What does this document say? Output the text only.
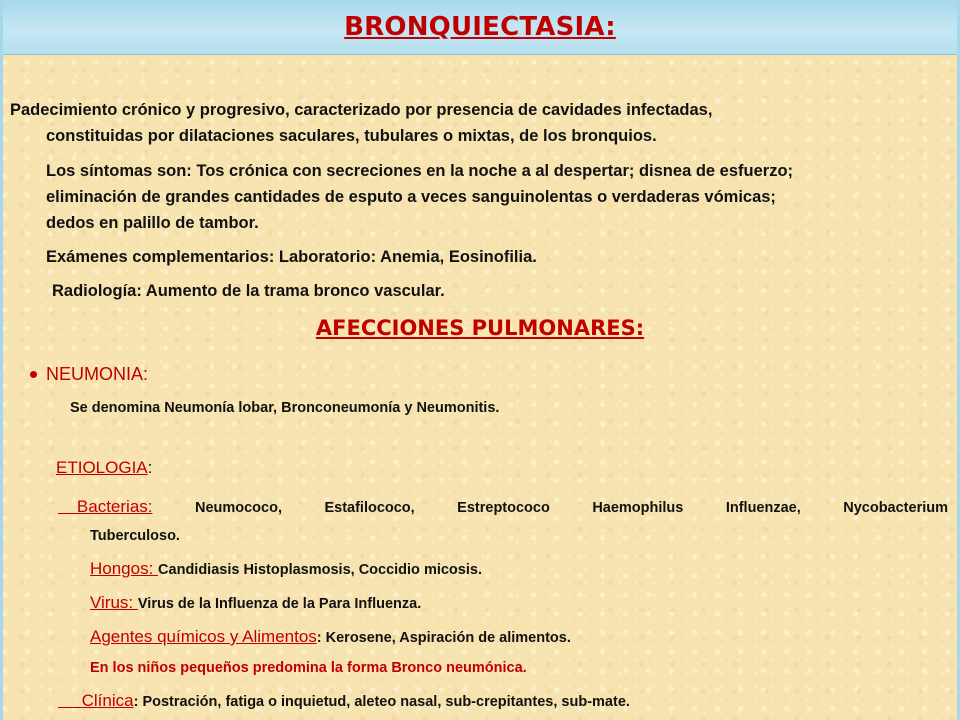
BRONQUIECTASIA:
Padecimiento crónico y progresivo, caracterizado por presencia de cavidades infectadas,
constituidas por dilataciones saculares, tubulares o mixtas, de los bronquios.
Los síntomas son: Tos crónica con secreciones en la noche a al despertar; disnea de esfuerzo;
eliminación de grandes cantidades de esputo a veces sanguinolentas o verdaderas vómicas;
dedos en palillo de tambor.
Exámenes complementarios: Laboratorio: Anemia, Eosinofilia.
Radiología: Aumento de la trama bronco vascular.
AFECCIONES PULMONARES:
NEUMONIA:
Se denomina Neumonía lobar, Bronconeumonía y Neumonitis.
ETIOLOGIA:
Bacterias:	Neumococo,	Estafilococo,	Estreptococo	Haemophilus	Influenzae,	Nycobacterium
Tuberculoso.
Hongos: Candidiasis Histoplasmosis, Coccidio micosis.
Virus: Virus de la Influenza de la Para Influenza.
Agentes químicos y Alimentos: Kerosene, Aspiración de alimentos.
En los niños pequeños predomina la forma Bronco neumónica.
Clínica: Postración, fatiga o inquietud, aleteo nasal, sub-crepitantes, sub-mate.
